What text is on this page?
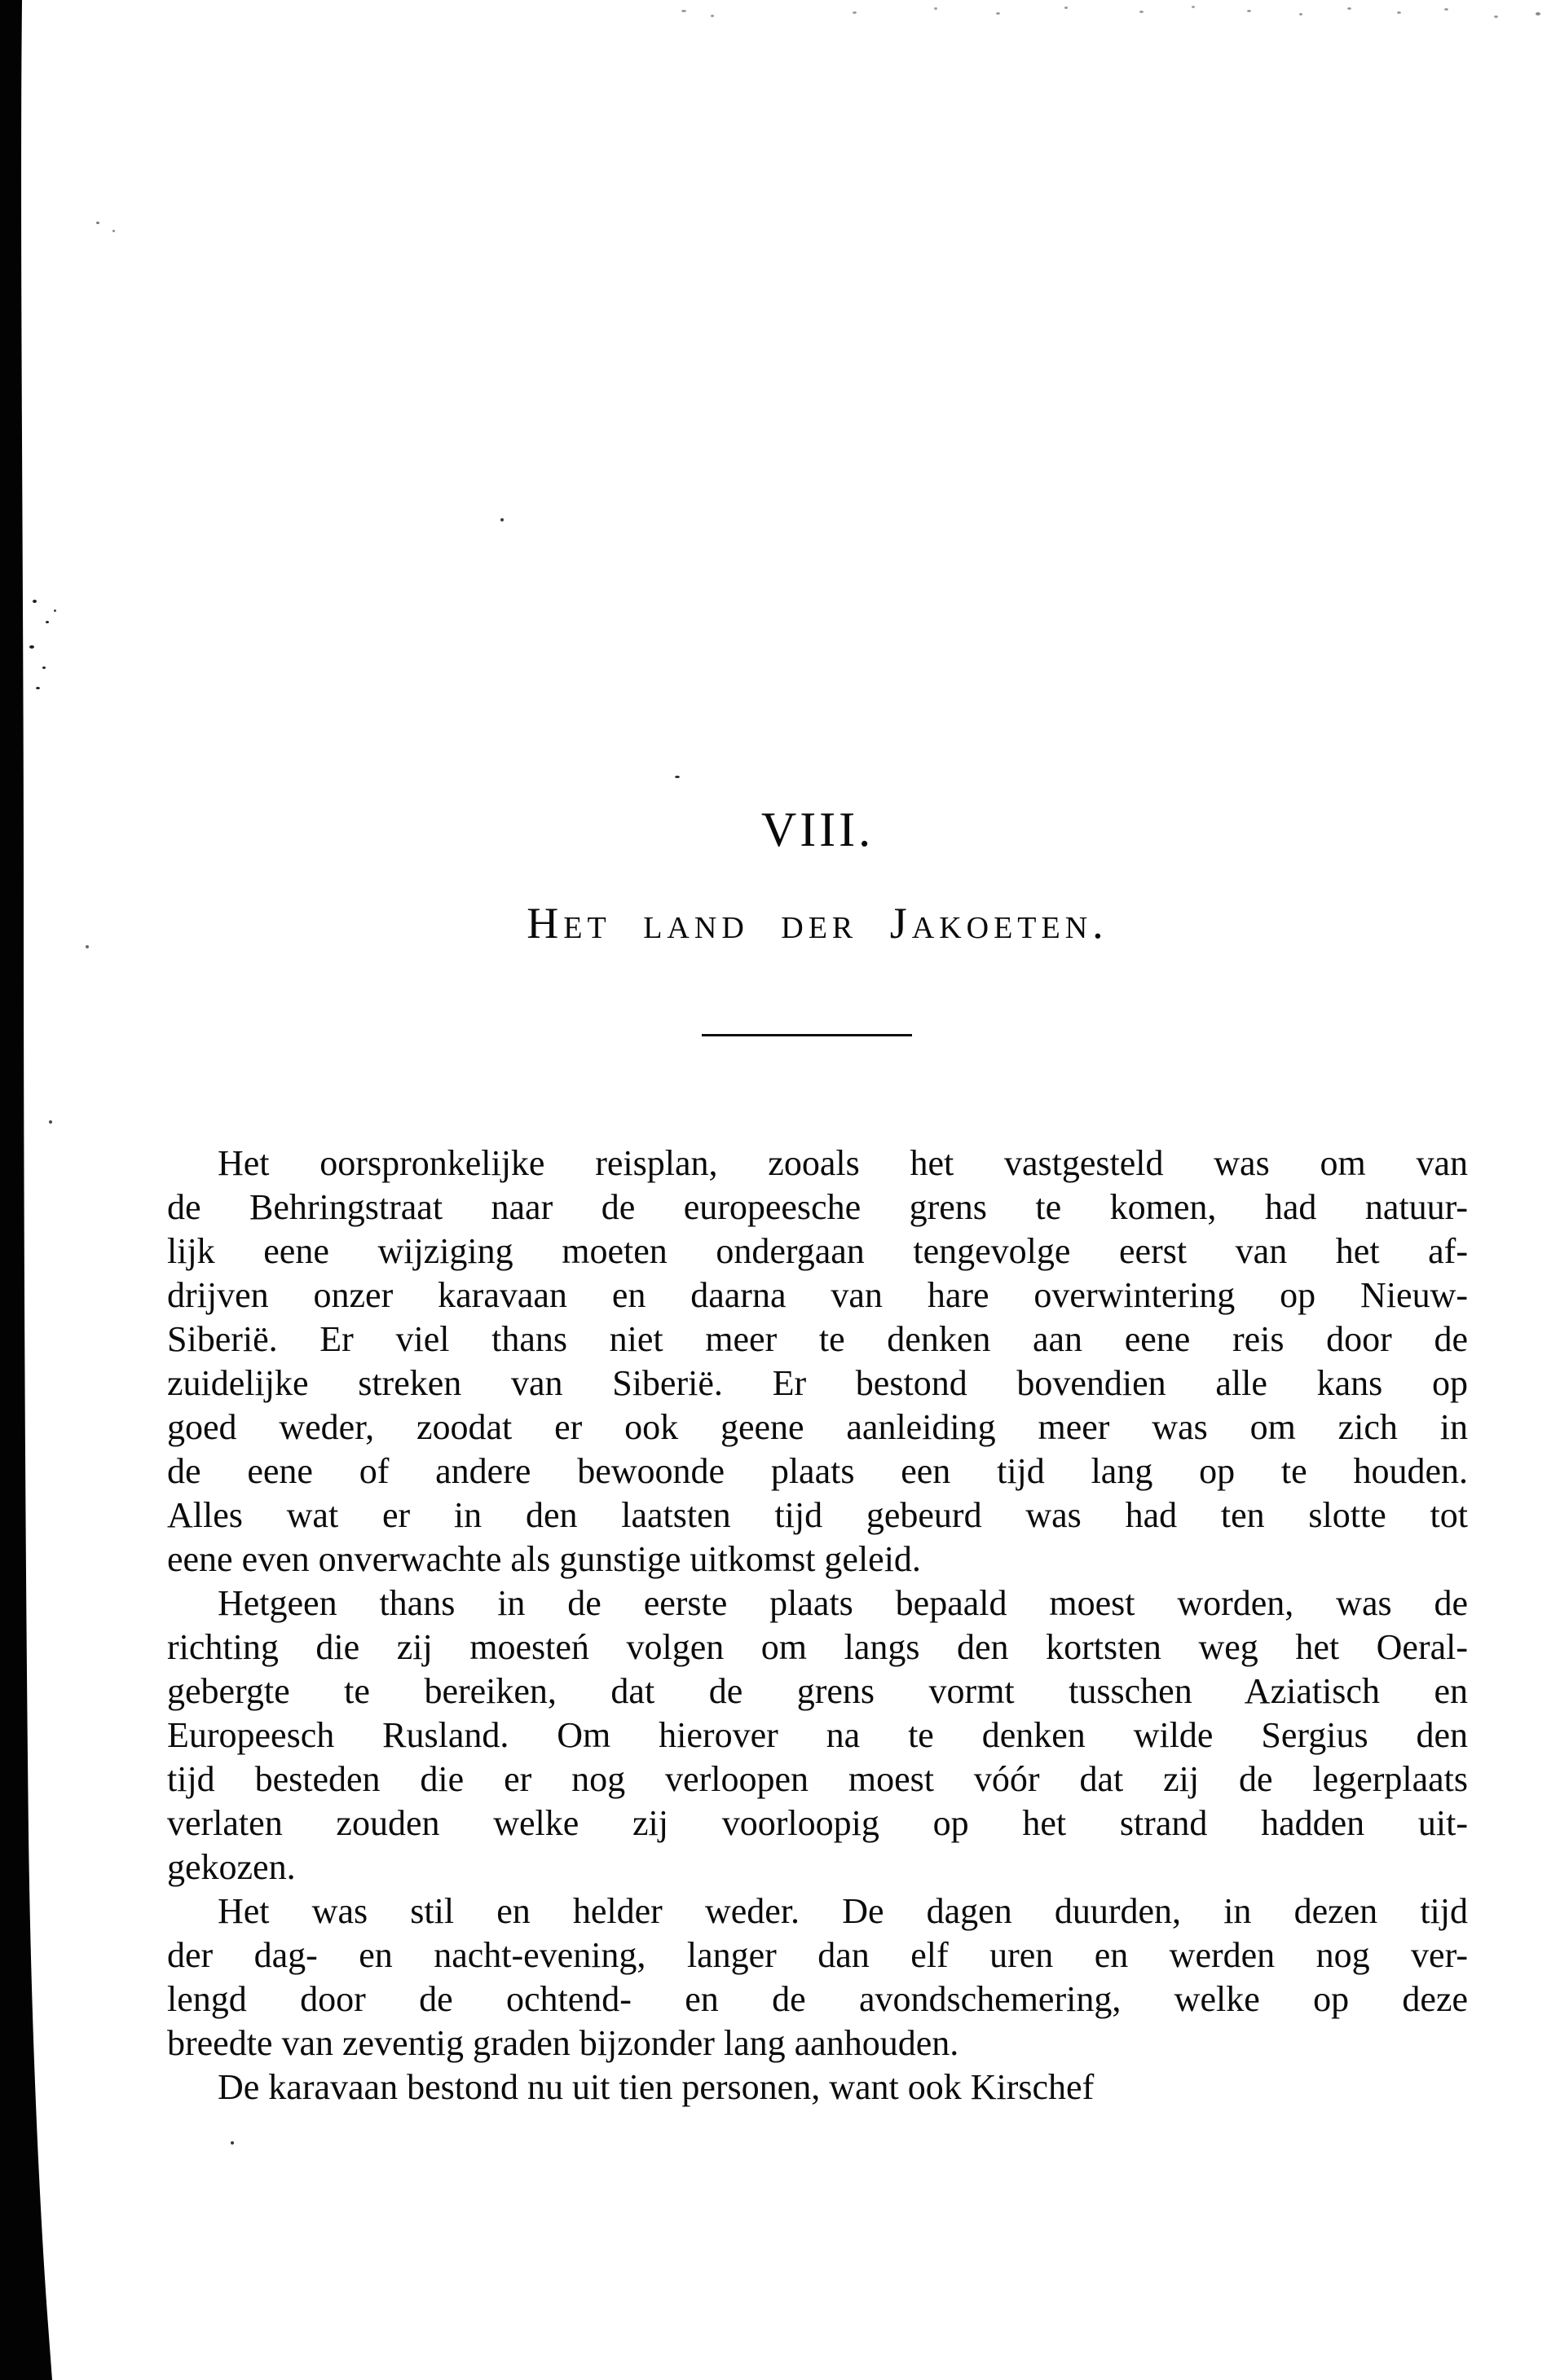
VIII.
Het land der Jakoeten.
Het oorspronkelijke reisplan, zooals het vastgesteld was om van
de Behringstraat naar de europeesche grens te komen, had natuur-
lijk eene wijziging moeten ondergaan tengevolge eerst van het af-
drijven onzer karavaan en daarna van hare overwintering op Nieuw-
Siberië. Er viel thans niet meer te denken aan eene reis door de
zuidelijke streken van Siberië. Er bestond bovendien alle kans op
goed weder, zoodat er ook geene aanleiding meer was om zich in
de eene of andere bewoonde plaats een tijd lang op te houden.
Alles wat er in den laatsten tijd gebeurd was had ten slotte tot
eene even onverwachte als gunstige uitkomst geleid.
Hetgeen thans in de eerste plaats bepaald moest worden, was de
richting die zij moesteń volgen om langs den kortsten weg het Oeral-
gebergte te bereiken, dat de grens vormt tusschen Aziatisch en
Europeesch Rusland. Om hierover na te denken wilde Sergius den
tijd besteden die er nog verloopen moest vóór dat zij de legerplaats
verlaten zouden welke zij voorloopig op het strand hadden uit-
gekozen.
Het was stil en helder weder. De dagen duurden, in dezen tijd
der dag- en nacht-evening, langer dan elf uren en werden nog ver-
lengd door de ochtend- en de avondschemering, welke op deze
breedte van zeventig graden bijzonder lang aanhouden.
De karavaan bestond nu uit tien personen, want ook Kirschef
